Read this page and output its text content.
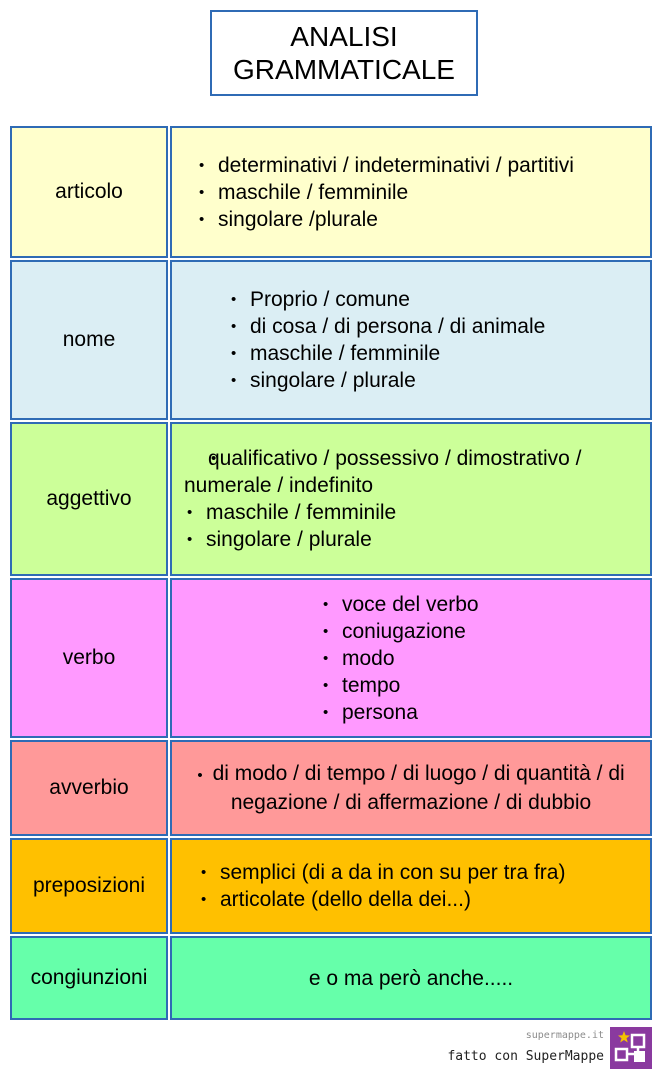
ANALISI
GRAMMATICALE
articolo
• determinativi / indeterminativi / partitivi
• maschile / femminile
• singolare /plurale
nome
• Proprio / comune
• di cosa / di persona / di animale
• maschile / femminile
• singolare / plurale
aggettivo
• qualificativo / possessivo / dimostrativo / numerale / indefinito
• maschile / femminile
• singolare / plurale
verbo
• voce del verbo
• coniugazione
• modo
• tempo
• persona
avverbio
• di modo / di tempo / di luogo / di quantità / di negazione / di affermazione / di dubbio
preposizioni
• semplici (di a da in con su per tra fra)
• articolate (dello della dei...)
congiunzioni	e o ma però anche.....
supermappe.it
fatto con SuperMappe
